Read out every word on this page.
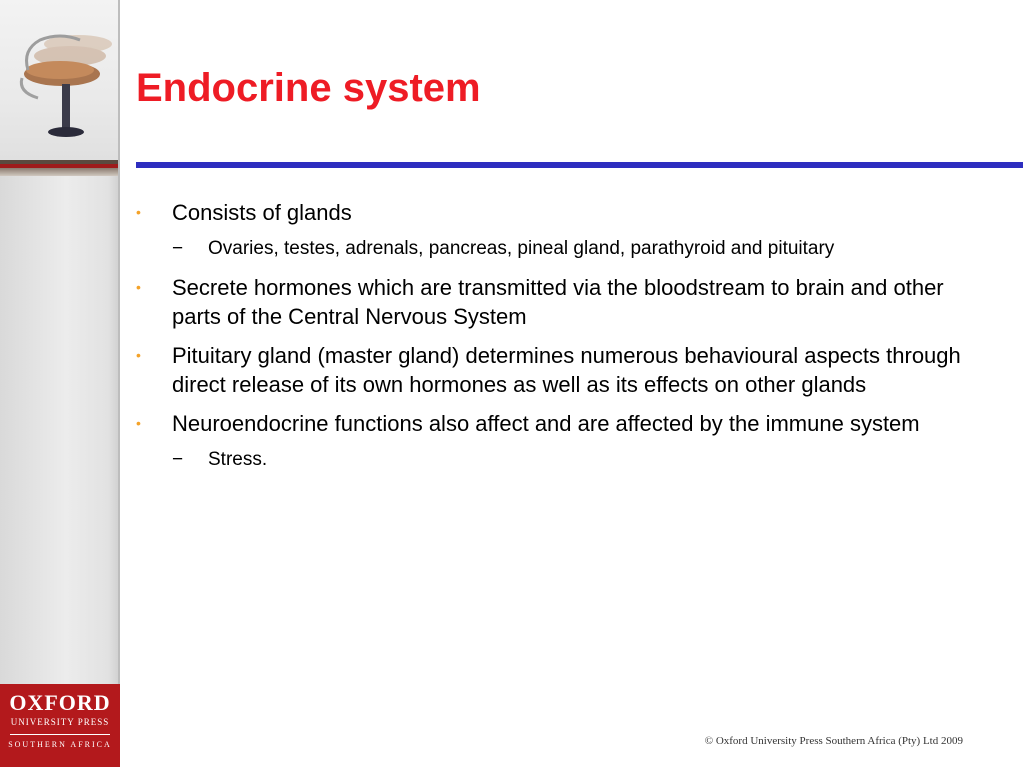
OXFORD
UNIVERSITY PRESS
SOUTHERN AFRICA
Endocrine system
• Consists of glands
− Ovaries, testes, adrenals, pancreas, pineal gland, parathyroid and pituitary
• Secrete hormones which are transmitted via the bloodstream to brain and other parts of the Central Nervous System
• Pituitary gland (master gland) determines numerous behavioural aspects through direct release of its own hormones as well as its effects on other glands
• Neuroendocrine functions also affect and are affected by the immune system
− Stress.
© Oxford University Press Southern Africa (Pty) Ltd 2009
